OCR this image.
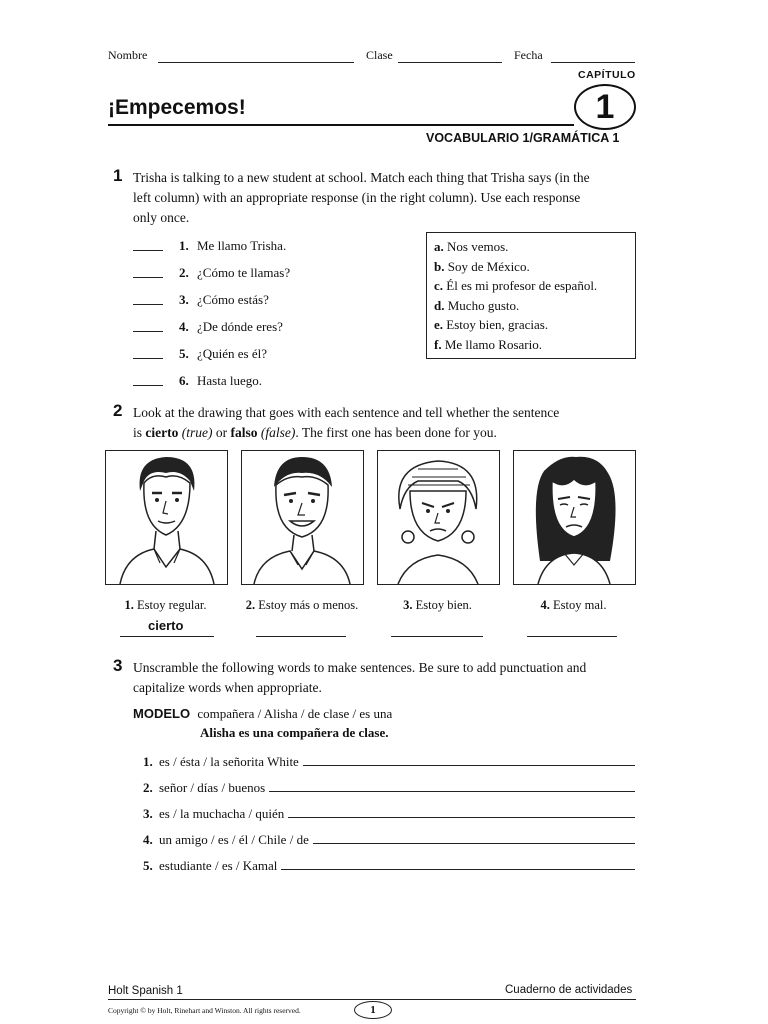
Nombre	Clase	Fecha
CAPÍTULO
¡Empecemos!	1
VOCABULARIO 1/GRAMÁTICA 1
1 Trisha is talking to a new student at school. Match each thing that Trisha says (in the left column) with an appropriate response (in the right column). Use each response only once.
1. Me llamo Trisha.
2. ¿Cómo te llamas?
3. ¿Cómo estás?
4. ¿De dónde eres?
5. ¿Quién es él?
6. Hasta luego.
a. Nos vemos.
b. Soy de México.
c. Él es mi profesor de español.
d. Mucho gusto.
e. Estoy bien, gracias.
f. Me llamo Rosario.
2 Look at the drawing that goes with each sentence and tell whether the sentence
is cierto (true) or falso (false). The first one has been done for you.
1. Estoy regular.	2. Estoy más o menos.	3. Estoy bien.	4. Estoy mal.
cierto
3 Unscramble the following words to make sentences. Be sure to add punctuation and capitalize words when appropriate.
MODELO compañera / Alisha / de clase / es una
Alisha es una compañera de clase.
1. es / ésta / la señorita White
2. señor / días / buenos
3. es / la muchacha / quién
4. un amigo / es / él / Chile / de
5. estudiante / es / Kamal
Holt Spanish 1	Cuaderno de actividades
Copyright © by Holt, Rinehart and Winston. All rights reserved.	1
